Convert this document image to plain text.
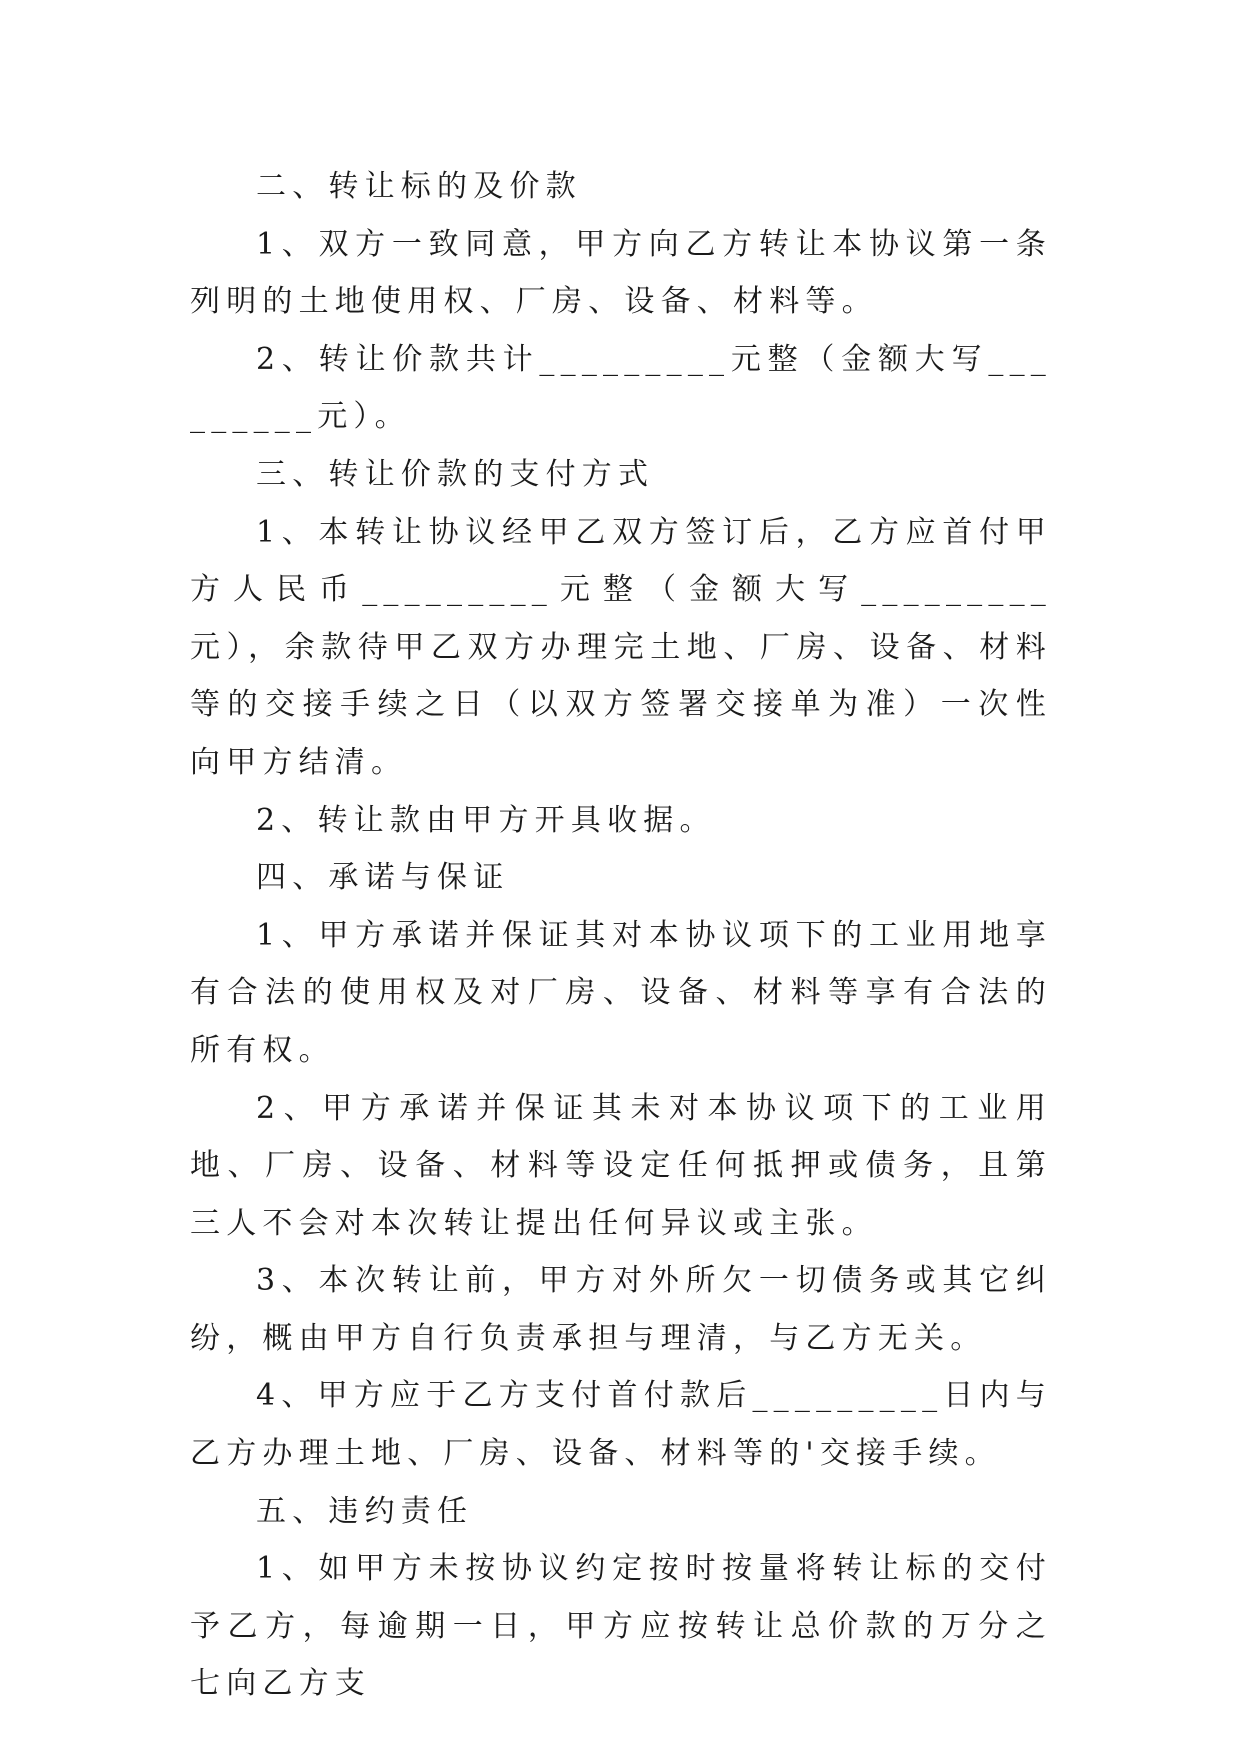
二、转让标的及价款

1、双方一致同意，甲方向乙方转让本协议第一条列明的土地使用权、厂房、设备、材料等。

2、转让价款共计_________元整（金额大写_________元）。

三、转让价款的支付方式

1、本转让协议经甲乙双方签订后，乙方应首付甲方人民币_________元整（金额大写_________元），余款待甲乙双方办理完土地、厂房、设备、材料等的交接手续之日（以双方签署交接单为准）一次性向甲方结清。

2、转让款由甲方开具收据。

四、承诺与保证

1、甲方承诺并保证其对本协议项下的工业用地享有合法的使用权及对厂房、设备、材料等享有合法的所有权。

2、甲方承诺并保证其未对本协议项下的工业用地、厂房、设备、材料等设定任何抵押或债务，且第三人不会对本次转让提出任何异议或主张。

3、本次转让前，甲方对外所欠一切债务或其它纠纷，概由甲方自行负责承担与理清，与乙方无关。

4、甲方应于乙方支付首付款后_________日内与乙方办理土地、厂房、设备、材料等的'交接手续。

五、违约责任

1、如甲方未按协议约定按时按量将转让标的交付予乙方，每逾期一日，甲方应按转让总价款的万分之七向乙方支
